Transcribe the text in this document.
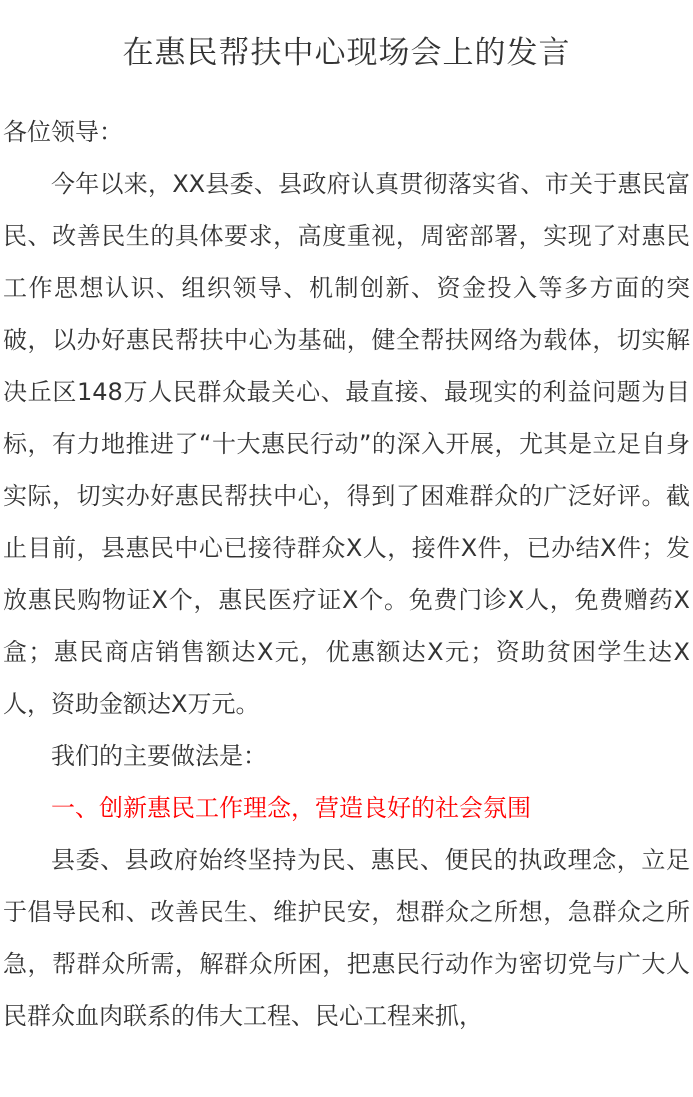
在惠民帮扶中心现场会上的发言

各位领导：

今年以来，XX县委、县政府认真贯彻落实省、市关于惠民富民、改善民生的具体要求，高度重视，周密部署，实现了对惠民工作思想认识、组织领导、机制创新、资金投入等多方面的突破，以办好惠民帮扶中心为基础，健全帮扶网络为载体，切实解决丘区148万人民群众最关心、最直接、最现实的利益问题为目标，有力地推进了“十大惠民行动”的深入开展，尤其是立足自身实际，切实办好惠民帮扶中心，得到了困难群众的广泛好评。截止目前，县惠民中心已接待群众X人，接件X件，已办结X件；发放惠民购物证X个，惠民医疗证X个。免费门诊X人，免费赠药X盒；惠民商店销售额达X元，优惠额达X元；资助贫困学生达X人，资助金额达X万元。

我们的主要做法是：

一、创新惠民工作理念，营造良好的社会氛围

县委、县政府始终坚持为民、惠民、便民的执政理念，立足于倡导民和、改善民生、维护民安，想群众之所想，急群众之所急，帮群众所需，解群众所困，把惠民行动作为密切党与广大人民群众血肉联系的伟大工程、民心工程来抓，
